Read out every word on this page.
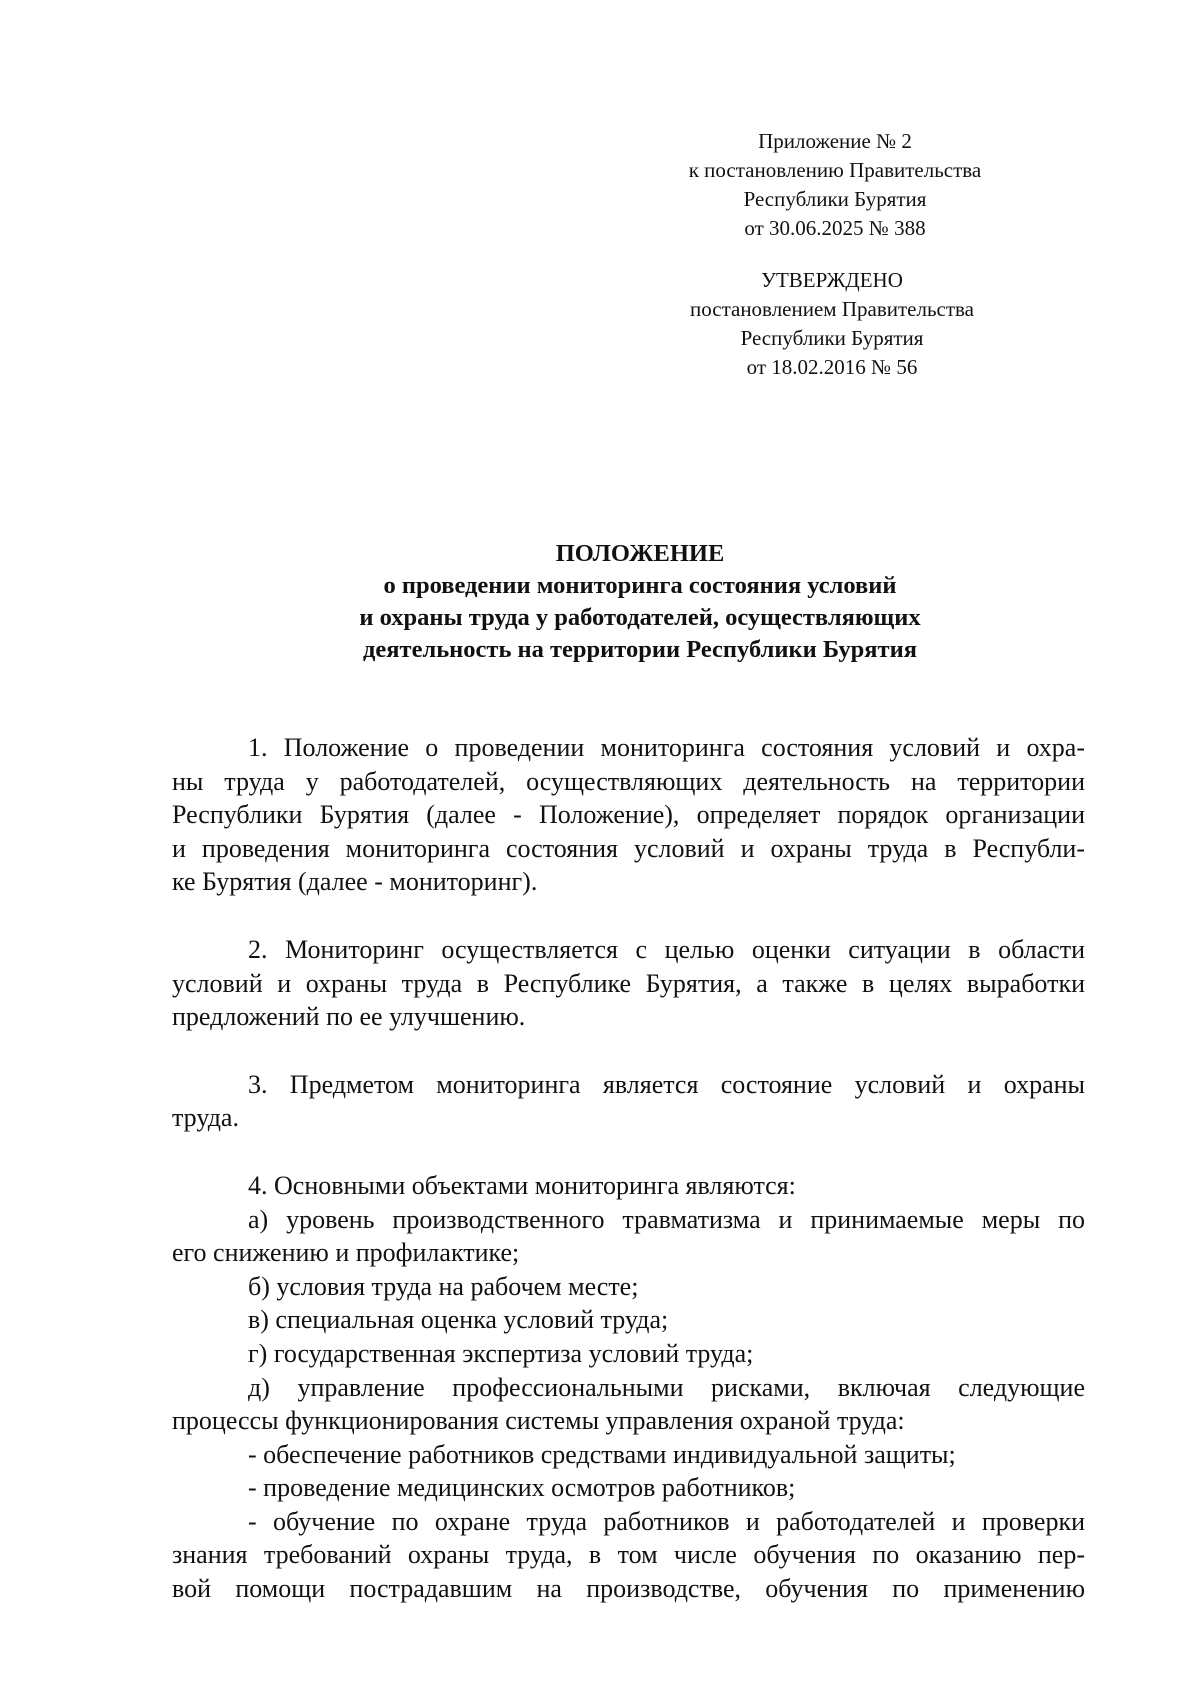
Приложение № 2
к постановлению Правительства
Республики Бурятия
от 30.06.2025 № 388
УТВЕРЖДЕНО
постановлением Правительства
Республики Бурятия
от 18.02.2016 № 56
ПОЛОЖЕНИЕ
о проведении мониторинга состояния условий
и охраны труда у работодателей, осуществляющих
деятельность на территории Республики Бурятия
1. Положение о проведении мониторинга состояния условий и охра-
ны труда у работодателей, осуществляющих деятельность на территории
Республики Бурятия (далее - Положение), определяет порядок организации
и проведения мониторинга состояния условий и охраны труда в Республи-
ке Бурятия (далее - мониторинг).
2. Мониторинг осуществляется с целью оценки ситуации в области
условий и охраны труда в Республике Бурятия, а также в целях выработки
предложений по ее улучшению.
3. Предметом мониторинга является состояние условий и охраны
труда.
4. Основными объектами мониторинга являются:
а) уровень производственного травматизма и принимаемые меры по
его снижению и профилактике;
б) условия труда на рабочем месте;
в) специальная оценка условий труда;
г) государственная экспертиза условий труда;
д) управление профессиональными рисками, включая следующие
процессы функционирования системы управления охраной труда:
- обеспечение работников средствами индивидуальной защиты;
- проведение медицинских осмотров работников;
- обучение по охране труда работников и работодателей и проверки
знания требований охраны труда, в том числе обучения по оказанию пер-
вой помощи пострадавшим на производстве, обучения по применению
